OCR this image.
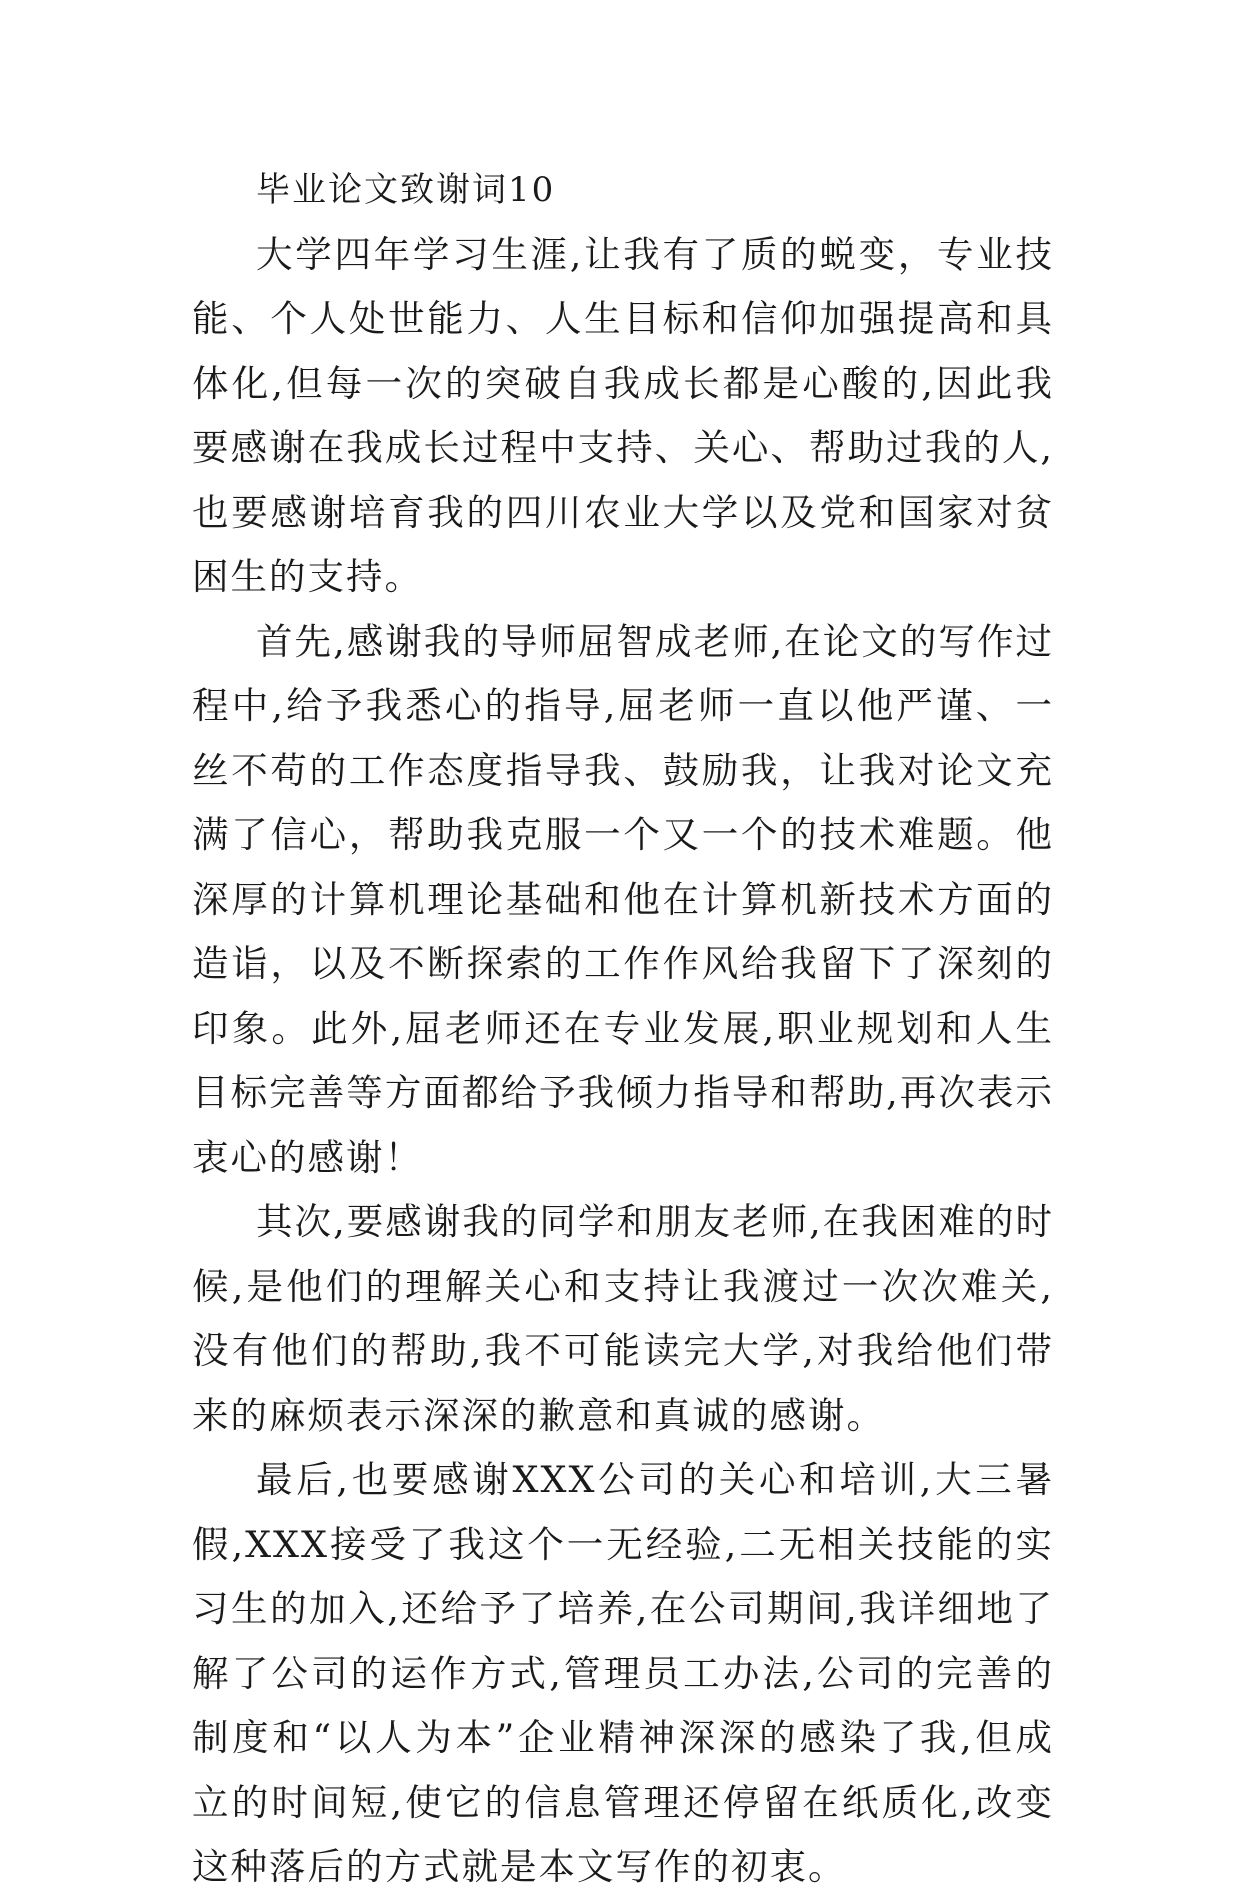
毕业论文致谢词10

大学四年学习生涯,让我有了质的蜕变，专业技能、个人处世能力、人生目标和信仰加强提高和具体化,但每一次的突破自我成长都是心酸的,因此我要感谢在我成长过程中支持、关心、帮助过我的人,也要感谢培育我的四川农业大学以及党和国家对贫困生的支持。

首先,感谢我的导师屈智成老师,在论文的写作过程中,给予我悉心的指导,屈老师一直以他严谨、一丝不苟的工作态度指导我、鼓励我，让我对论文充满了信心，帮助我克服一个又一个的技术难题。他深厚的计算机理论基础和他在计算机新技术方面的造诣，以及不断探索的工作作风给我留下了深刻的印象。此外,屈老师还在专业发展,职业规划和人生目标完善等方面都给予我倾力指导和帮助,再次表示衷心的感谢！

其次,要感谢我的同学和朋友老师,在我困难的时候,是他们的理解关心和支持让我渡过一次次难关,没有他们的帮助,我不可能读完大学,对我给他们带来的麻烦表示深深的歉意和真诚的感谢。

最后,也要感谢XXX公司的关心和培训,大三暑假,XXX接受了我这个一无经验,二无相关技能的实习生的加入,还给予了培养,在公司期间,我详细地了解了公司的运作方式,管理员工办法,公司的完善的制度和“以人为本”企业精神深深的感染了我,但成立的时间短,使它的信息管理还停留在纸质化,改变这种落后的方式就是本文写作的初衷。
